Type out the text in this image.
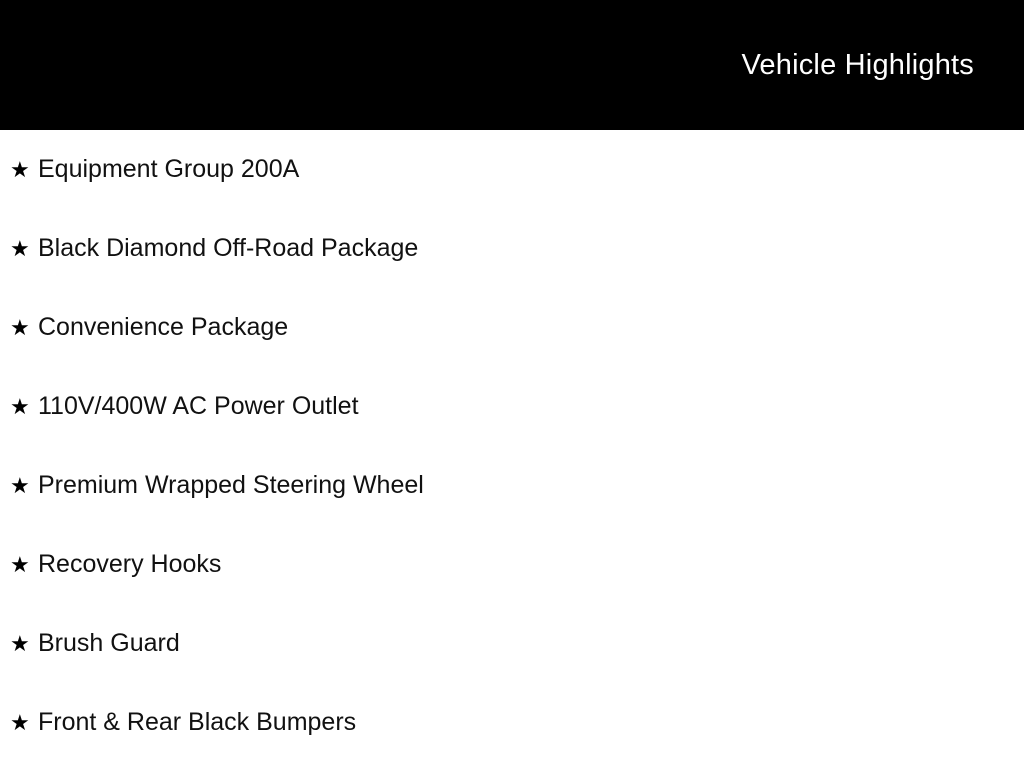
Vehicle Highlights
★ Equipment Group 200A
★ Black Diamond Off-Road Package
★ Convenience Package
★ 110V/400W AC Power Outlet
★ Premium Wrapped Steering Wheel
★ Recovery Hooks
★ Brush Guard
★ Front & Rear Black Bumpers
